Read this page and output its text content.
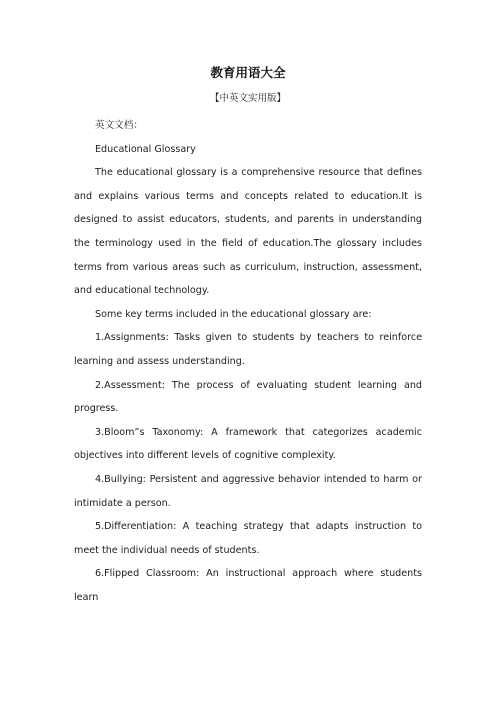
教育用语大全
【中英文实用版】

英文文档：

Educational Glossary

The educational glossary is a comprehensive resource that defines and explains various terms and concepts related to education.It is designed to assist educators, students, and parents in understanding the terminology used in the field of education.The glossary includes terms from various areas such as curriculum, instruction, assessment, and educational technology.

Some key terms included in the educational glossary are:

1.Assignments: Tasks given to students by teachers to reinforce learning and assess understanding.

2.Assessment: The process of evaluating student learning and progress.

3.Bloom”s Taxonomy: A framework that categorizes academic objectives into different levels of cognitive complexity.

4.Bullying: Persistent and aggressive behavior intended to harm or intimidate a person.

5.Differentiation: A teaching strategy that adapts instruction to meet the individual needs of students.

6.Flipped Classroom: An instructional approach where students learn
